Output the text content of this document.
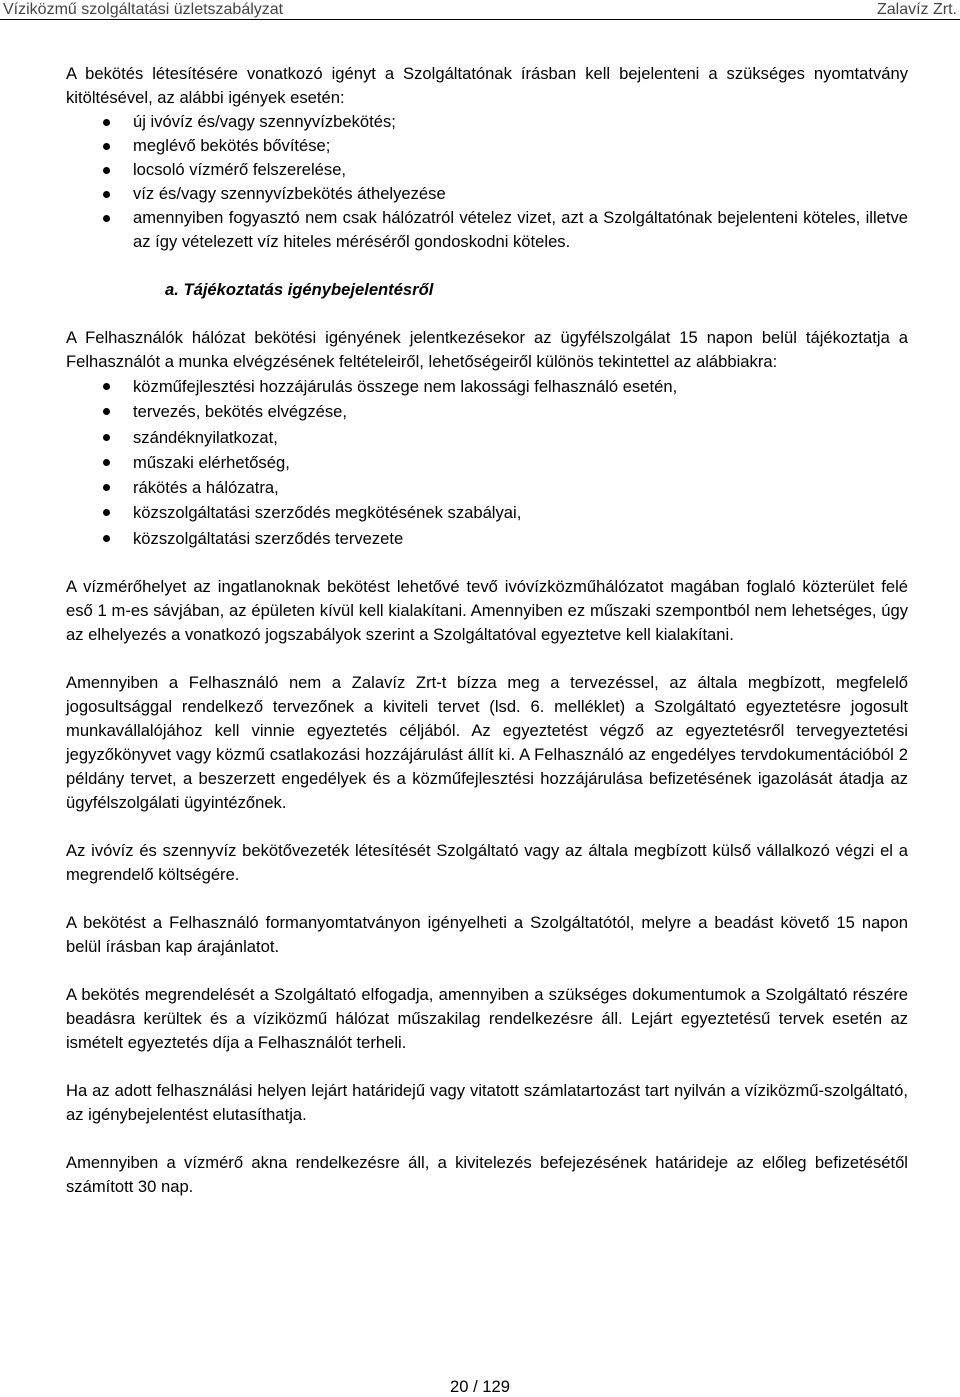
Víziközmű szolgáltatási üzletszabályzat	Zalavíz Zrt.

A bekötés létesítésére vonatkozó igényt a Szolgáltatónak írásban kell bejelenteni a szükséges nyomtatvány kitöltésével, az alábbi igények esetén:

új ivóvíz és/vagy szennyvízbekötés;
meglévő bekötés bővítése;
locsoló vízmérő felszerelése,
víz és/vagy szennyvízbekötés áthelyezése
amennyiben fogyasztó nem csak hálózatról vételez vizet, azt a Szolgáltatónak bejelenteni köteles, illetve az így vételezett víz hiteles méréséről gondoskodni köteles.

a. Tájékoztatás igénybejelentésről

A Felhasználók hálózat bekötési igényének jelentkezésekor az ügyfélszolgálat 15 napon belül tájékoztatja a Felhasználót a munka elvégzésének feltételeiről, lehetőségeiről különös tekintettel az alábbiakra:

közműfejlesztési hozzájárulás összege nem lakossági felhasználó esetén,
tervezés, bekötés elvégzése,
szándéknyilatkozat,
műszaki elérhetőség,
rákötés a hálózatra,
közszolgáltatási szerződés megkötésének szabályai,
közszolgáltatási szerződés tervezete

A vízmérőhelyet az ingatlanoknak bekötést lehetővé tevő ivóvízközműhálózatot magában foglaló közterület felé eső 1 m-es sávjában, az épületen kívül kell kialakítani. Amennyiben ez műszaki szempontból nem lehetséges, úgy az elhelyezés a vonatkozó jogszabályok szerint a Szolgáltatóval egyeztetve kell kialakítani.

Amennyiben a Felhasználó nem a Zalavíz Zrt-t bízza meg a tervezéssel, az általa megbízott, megfelelő jogosultsággal rendelkező tervezőnek a kiviteli tervet (lsd. 6. melléklet) a Szolgáltató egyeztetésre jogosult munkavállalójához kell vinnie egyeztetés céljából. Az egyeztetést végző az egyeztetésről tervegyeztetési jegyzőkönyvet vagy közmű csatlakozási hozzájárulást állít ki. A Felhasználó az engedélyes tervdokumentációból 2 példány tervet, a beszerzett engedélyek és a közműfejlesztési hozzájárulása befizetésének igazolását átadja az ügyfélszolgálati ügyintézőnek.

Az ivóvíz és szennyvíz bekötővezeték létesítését Szolgáltató vagy az általa megbízott külső vállalkozó végzi el a megrendelő költségére.

A bekötést a Felhasználó formanyomtatványon igényelheti a Szolgáltatótól, melyre a beadást követő 15 napon belül írásban kap árajánlatot.

A bekötés megrendelését a Szolgáltató elfogadja, amennyiben a szükséges dokumentumok a Szolgáltató részére beadásra kerültek és a víziközmű hálózat műszakilag rendelkezésre áll. Lejárt egyeztetésű tervek esetén az ismételt egyeztetés díja a Felhasználót terheli.

Ha az adott felhasználási helyen lejárt határidejű vagy vitatott számlatartozást tart nyilván a víziközmű-szolgáltató, az igénybejelentést elutasíthatja.

Amennyiben a vízmérő akna rendelkezésre áll, a kivitelezés befejezésének határideje az előleg befizetésétől számított 30 nap.

20 / 129
